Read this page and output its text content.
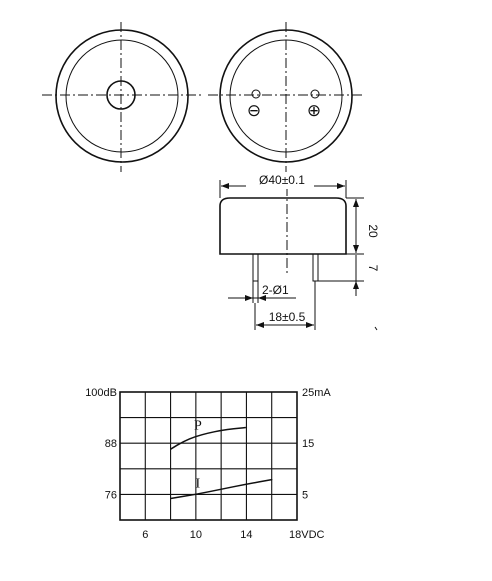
⊖	⊕
Ø40±0.1
20
7
2-Ø1
18±0.5
100dB
88
76
25mA
15
5
6	10	14	18VDC
P
I
